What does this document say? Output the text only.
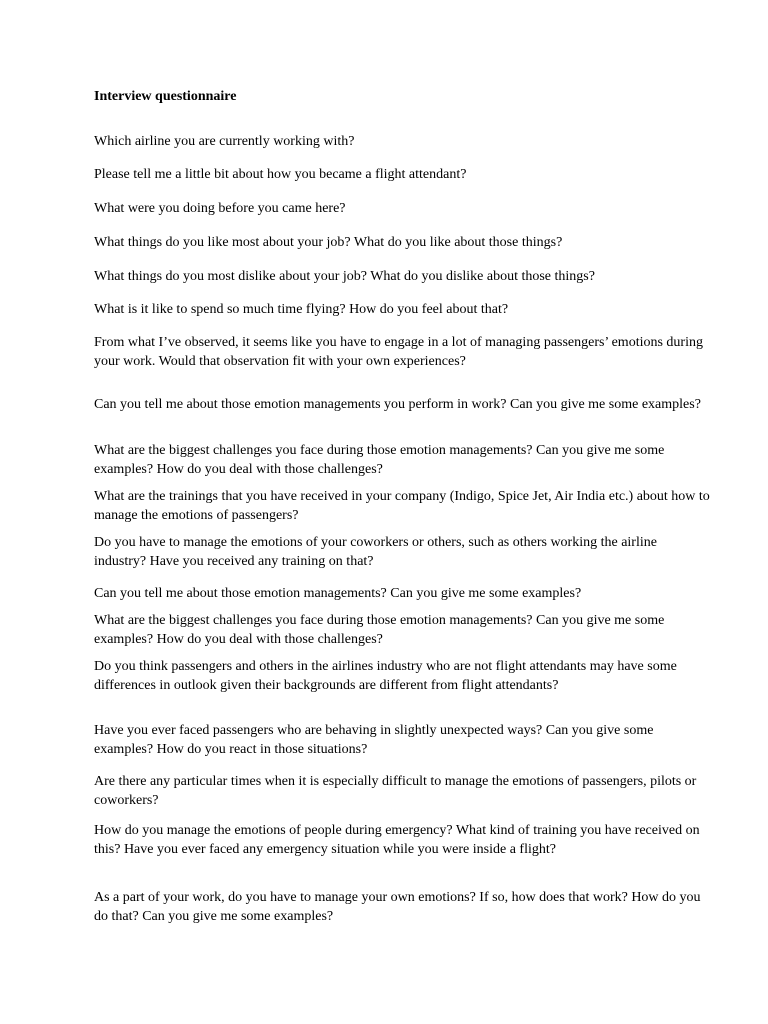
Interview questionnaire

Which airline you are currently working with?

Please tell me a little bit about how you became a flight attendant?

What were you doing before you came here?

What things do you like most about your job? What do you like about those things?

What things do you most dislike about your job? What do you dislike about those things?

What is it like to spend so much time flying? How do you feel about that?

From what I’ve observed, it seems like you have to engage in a lot of managing passengers’ emotions during your work. Would that observation fit with your own experiences?

Can you tell me about those emotion managements you perform in work? Can you give me some examples?

What are the biggest challenges you face during those emotion managements? Can you give me some examples? How do you deal with those challenges?

What are the trainings that you have received in your company (Indigo, Spice Jet, Air India etc.) about how to manage the emotions of passengers?

Do you have to manage the emotions of your coworkers or others, such as others working the airline industry? Have you received any training on that?

Can you tell me about those emotion managements? Can you give me some examples?

What are the biggest challenges you face during those emotion managements? Can you give me some examples? How do you deal with those challenges?

Do you think passengers and others in the airlines industry who are not flight attendants may have some differences in outlook given their backgrounds are different from flight attendants?

Have you ever faced passengers who are behaving in slightly unexpected ways? Can you give some examples? How do you react in those situations?

Are there any particular times when it is especially difficult to manage the emotions of passengers, pilots or coworkers?

How do you manage the emotions of people during emergency? What kind of training you have received on this? Have you ever faced any emergency situation while you were inside a flight?

As a part of your work, do you have to manage your own emotions? If so, how does that work? How do you do that? Can you give me some examples?
